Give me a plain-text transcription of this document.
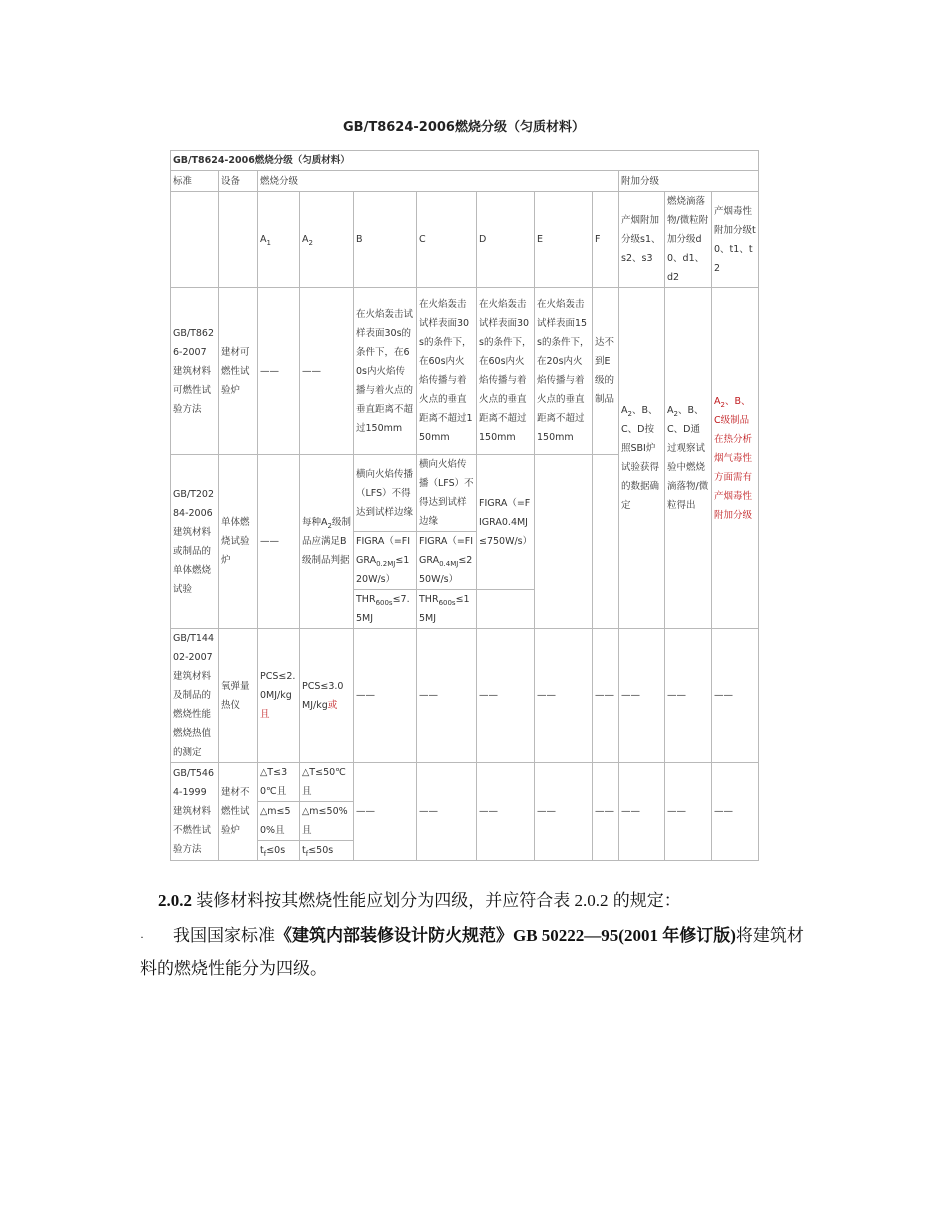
GB/T8624-2006燃烧分级（匀质材料）
GB/T8624-2006燃烧分级（匀质材料）											
标准	设备	燃烧分级							附加分级		
		$A_1$	$A_2$	B	C	D	E	F	产烟附加分级s1、s2、s3	燃烧滴落物/微粒附加分级d0、d1、d2	产烟毒性附加分级t0、t1、t2
GB/T8626-2007建筑材料可燃性试验方法	建材可燃性试验炉	——	——	在火焰轰击试样表面30s的条件下，在60s内火焰传播与着火点的垂直距离不超过150mm	在火焰轰击试样表面30s的条件下，在60s内火焰传播与着火点的垂直距离不超过150mm	在火焰轰击试样表面30s的条件下，在60s内火焰传播与着火点的垂直距离不超过150mm	在火焰轰击试样表面15s的条件下，在20s内火焰传播与着火点的垂直距离不超过150mm	达不到E级的制品	$A_2$、B、C、D按照SBI炉试验获得的数据确定	$A_2$、B、C、D通过观察试验中燃烧滴落物/微粒得出	$A_2$、B、C级制品在热分析烟气毒性方面需有产烟毒性附加分级
GB/T20284-2006建筑材料或制品的单体燃烧试验	单体燃烧试验炉	——	每种$A_2$级制品应满足B级制品判据	横向火焰传播（LFS）不得达到试样边缘	横向火焰传播（LFS）不得达到试样边缘	FIGRA（=FIGRA0.4MJ≤750W/s）					
				$FIGRA(=FIGRA_{0.2MJ}\le 120W/s)$	$FIGRA(=FIGRA_{0.4MJ}\le 250W/s)$						
				$THR_{600s}\le 7.5MJ$	$THR_{600s}\le 15MJ$						
GB/T14402-2007建筑材料及制品的燃烧性能燃烧热值的测定	氧弹量热仪	PCS≤2.0MJ/kg且	PCS≤3.0MJ/kg或	——	——	——	——	——	——	——	——
GB/T5464-1999建筑材料不燃性试验方法	建材不燃性试验炉	△T≤30℃且	△T≤50℃且	——	——	——	——	——	——	——	——
		△m≤50%且	△m≤50%且								
		$t_f\le 0s$	$t_f\le 50s$								
2.0.2 装修材料按其燃烧性能应划分为四级，并应符合表 2.0.2 的规定：
· 我国国家标准《建筑内部装修设计防火规范》GB 50222—95(2001 年修订版)将建筑材料的燃烧性能分为四级。
